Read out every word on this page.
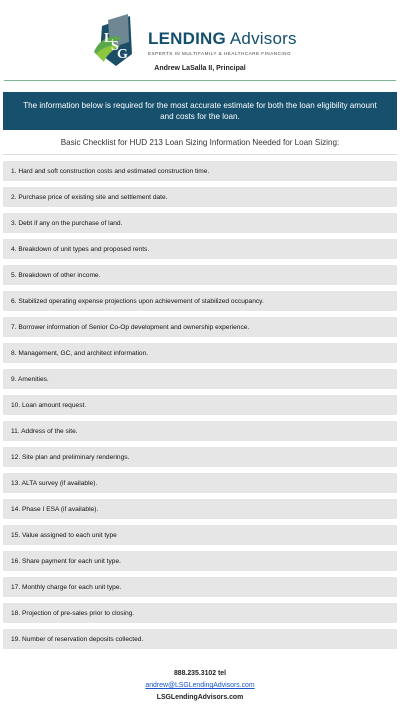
L
S
G
LENDING Advisors
EXPERTS IN MULTIFAMILY & HEALTHCARE FINANCING
Andrew LaSalla II, Principal
The information below is required for the most accurate estimate for both the loan eligibility amount and costs for the loan.
Basic Checklist for HUD 213 Loan Sizing Information Needed for Loan Sizing:
1. Hard and soft construction costs and estimated construction time.
2. Purchase price of existing site and settlement date.
3. Debt if any on the purchase of land.
4. Breakdown of unit types and proposed rents.
5. Breakdown of other income.
6. Stabilized operating expense projections upon achievement of stabilized occupancy.
7. Borrower information of Senior Co-Op development and ownership experience.
8. Management, GC, and architect information.
9. Amenities.
10. Loan amount request.
11. Address of the site.
12. Site plan and preliminary renderings.
13. ALTA survey (if available).
14. Phase I ESA (if available).
15. Value assigned to each unit type
16. Share payment for each unit type.
17. Monthly charge for each unit type.
18. Projection of pre-sales prior to closing.
19. Number of reservation deposits collected.
888.235.3102 tel
andrew@LSGLendingAdvisors.com
LSGLendingAdvisors.com
